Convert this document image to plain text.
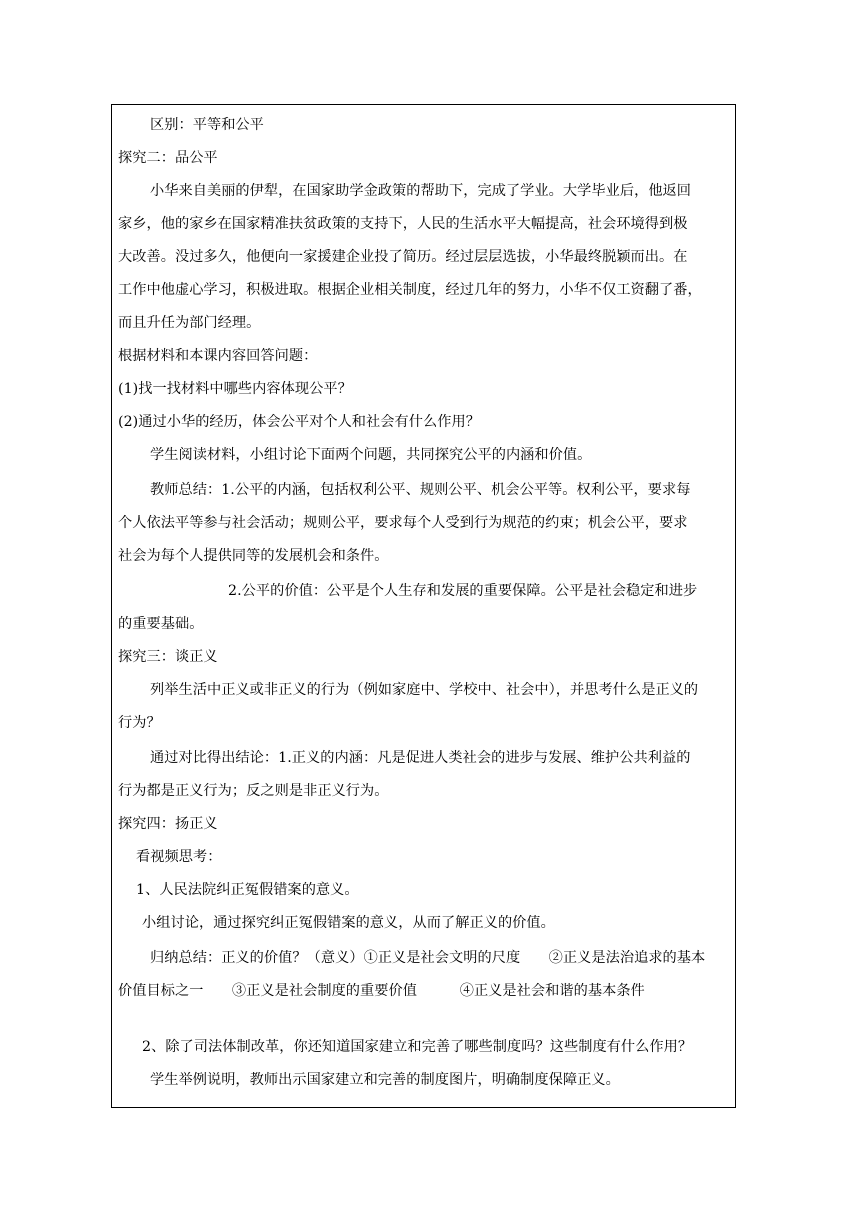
区别：平等和公平
探究二：品公平
小华来自美丽的伊犁，在国家助学金政策的帮助下，完成了学业。大学毕业后，他返回
家乡，他的家乡在国家精准扶贫政策的支持下，人民的生活水平大幅提高，社会环境得到极
大改善。没过多久，他便向一家援建企业投了简历。经过层层选拔，小华最终脱颖而出。在
工作中他虚心学习，积极进取。根据企业相关制度，经过几年的努力，小华不仅工资翻了番，
而且升任为部门经理。
根据材料和本课内容回答问题：
(1)找一找材料中哪些内容体现公平？
(2)通过小华的经历，体会公平对个人和社会有什么作用？
学生阅读材料，小组讨论下面两个问题，共同探究公平的内涵和价值。
教师总结：1.公平的内涵，包括权利公平、规则公平、机会公平等。权利公平，要求每
个人依法平等参与社会活动；规则公平，要求每个人受到行为规范的约束；机会公平，要求
社会为每个人提供同等的发展机会和条件。
2.公平的价值：公平是个人生存和发展的重要保障。公平是社会稳定和进步
的重要基础。
探究三：谈正义
列举生活中正义或非正义的行为（例如家庭中、学校中、社会中），并思考什么是正义的
行为？
通过对比得出结论：1.正义的内涵：凡是促进人类社会的进步与发展、维护公共利益的
行为都是正义行为；反之则是非正义行为。
探究四：扬正义
看视频思考：
1、人民法院纠正冤假错案的意义。
小组讨论，通过探究纠正冤假错案的意义，从而了解正义的价值。
归纳总结：正义的价值？（意义）①正义是社会文明的尺度　　②正义是法治追求的基本
价值目标之一　　③正义是社会制度的重要价值　　　④正义是社会和谐的基本条件
2、除了司法体制改革，你还知道国家建立和完善了哪些制度吗？这些制度有什么作用？
学生举例说明，教师出示国家建立和完善的制度图片，明确制度保障正义。
